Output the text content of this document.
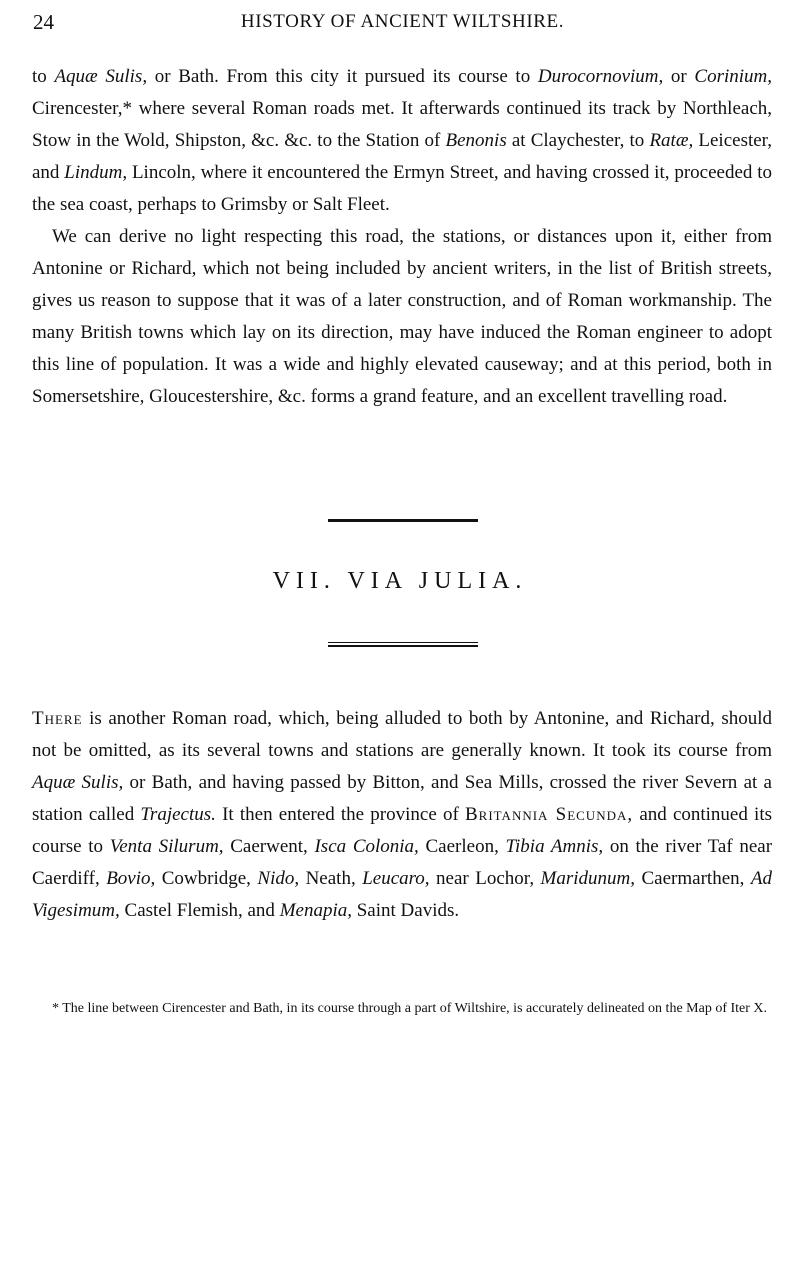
24	HISTORY OF ANCIENT WILTSHIRE.

to Aquæ Sulis, or Bath. From this city it pursued its course to Durocornovium, or Corinium, Cirencester,* where several Roman roads met. It afterwards continued its track by Northleach, Stow in the Wold, Shipston, &c. &c. to the Station of Benonis at Claychester, to Ratæ, Leicester, and Lindum, Lincoln, where it encountered the Ermyn Street, and having crossed it, proceeded to the sea coast, perhaps to Grimsby or Salt Fleet.

We can derive no light respecting this road, the stations, or distances upon it, either from Antonine or Richard, which not being included by ancient writers, in the list of British streets, gives us reason to suppose that it was of a later construction, and of Roman workmanship. The many British towns which lay on its direction, may have induced the Roman engineer to adopt this line of population. It was a wide and highly elevated causeway; and at this period, both in Somersetshire, Gloucestershire, &c. forms a grand feature, and an excellent travelling road.

VII. VIA JULIA.

There is another Roman road, which, being alluded to both by Antonine, and Richard, should not be omitted, as its several towns and stations are generally known. It took its course from Aquæ Sulis, or Bath, and having passed by Bitton, and Sea Mills, crossed the river Severn at a station called Trajectus. It then entered the province of Britannia Secunda, and continued its course to Venta Silurum, Caerwent, Isca Colonia, Caerleon, Tibia Amnis, on the river Taf near Caerdiff, Bovio, Cowbridge, Nido, Neath, Leucaro, near Lochor, Maridunum, Caermarthen, Ad Vigesimum, Castel Flemish, and Menapia, Saint Davids.

* The line between Cirencester and Bath, in its course through a part of Wiltshire, is accurately delineated on the Map of Iter X.
